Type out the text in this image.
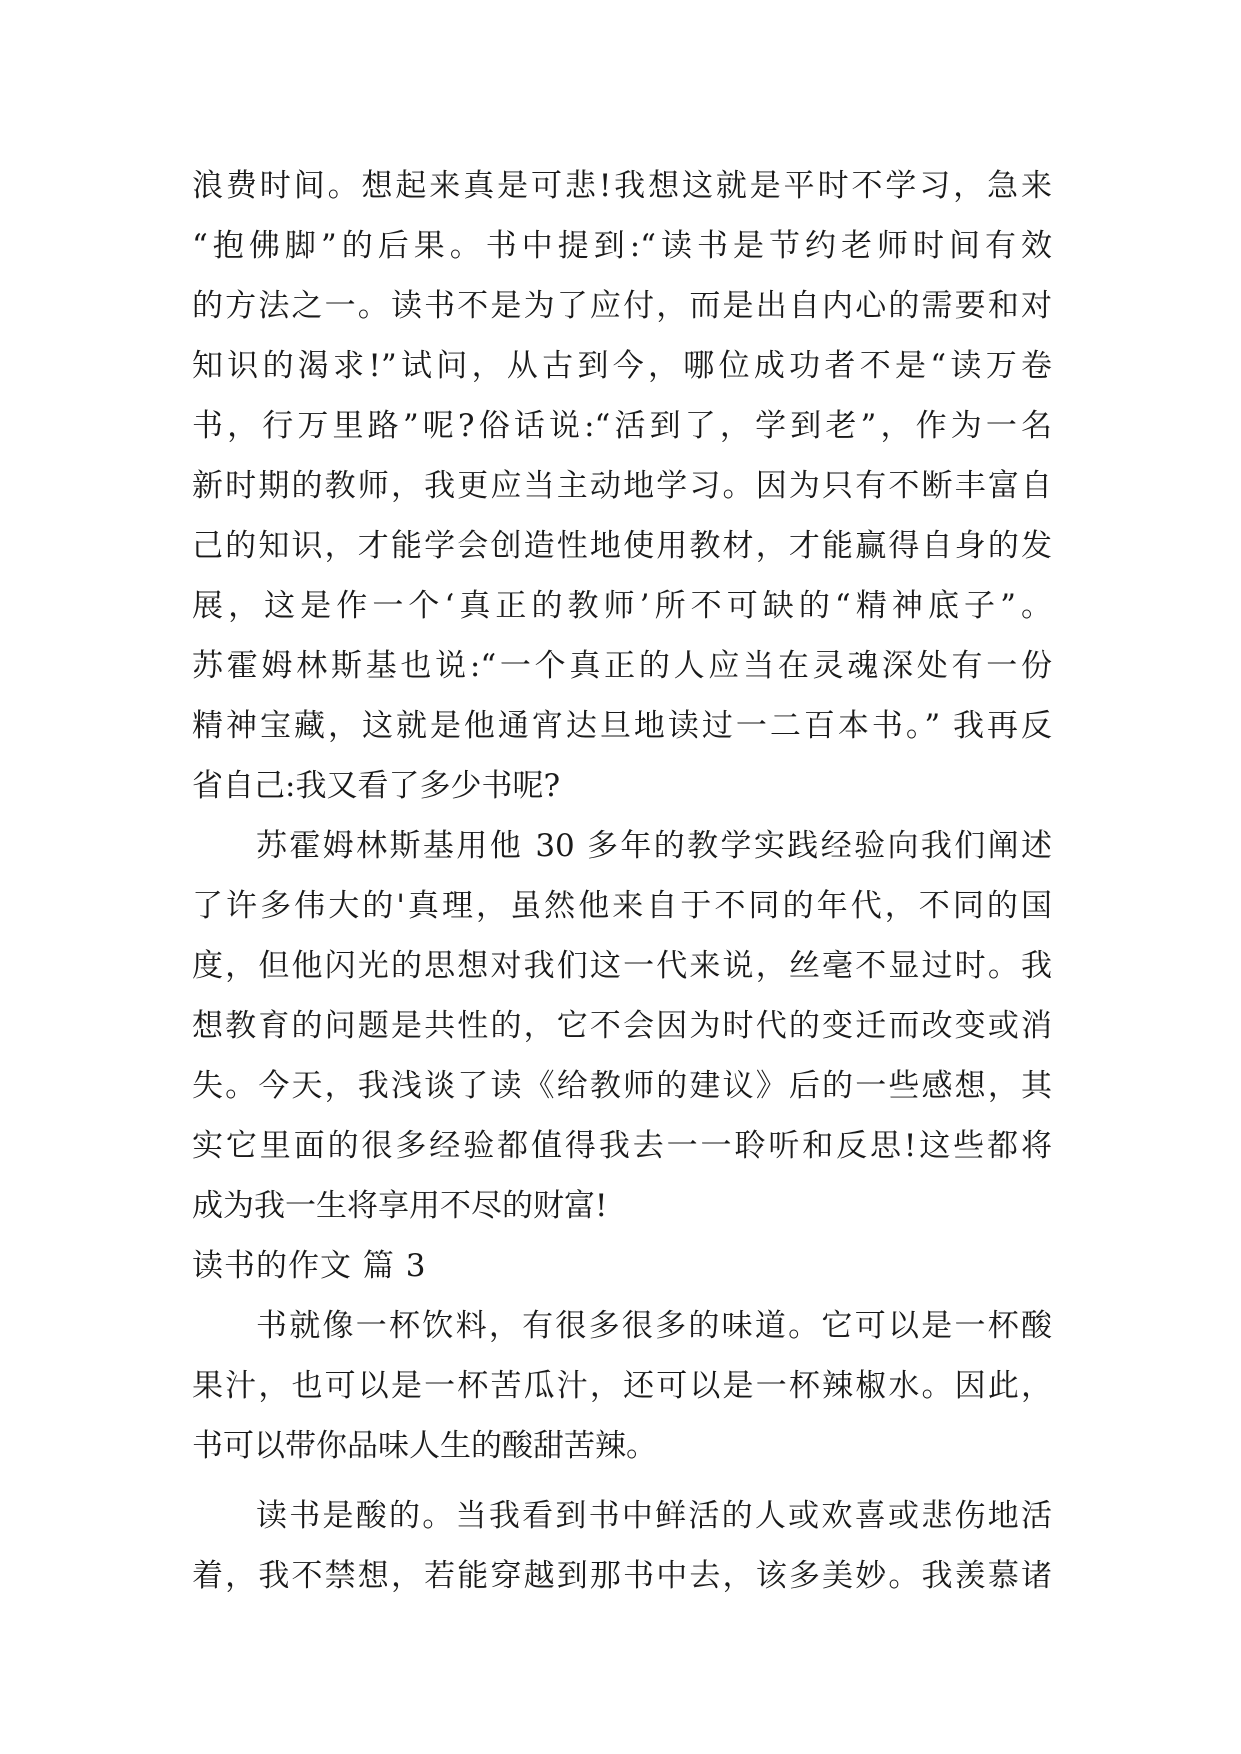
浪费时间。想起来真是可悲!我想这就是平时不学习，急来
“抱佛脚”的后果。书中提到:“读书是节约老师时间有效
的方法之一。读书不是为了应付，而是出自内心的需要和对
知识的渴求!”试问，从古到今，哪位成功者不是“读万卷
书，行万里路”呢?俗话说:“活到了，学到老”，作为一名
新时期的教师，我更应当主动地学习。因为只有不断丰富自
己的知识，才能学会创造性地使用教材，才能赢得自身的发
展，这是作一个‘真正的教师’所不可缺的“精神底子”。
苏霍姆林斯基也说:“一个真正的人应当在灵魂深处有一份
精神宝藏，这就是他通宵达旦地读过一二百本书。” 我再反
省自己:我又看了多少书呢?
苏霍姆林斯基用他 30 多年的教学实践经验向我们阐述
了许多伟大的'真理，虽然他来自于不同的年代，不同的国
度，但他闪光的思想对我们这一代来说，丝毫不显过时。我
想教育的问题是共性的，它不会因为时代的变迁而改变或消
失。今天，我浅谈了读《给教师的建议》后的一些感想，其
实它里面的很多经验都值得我去一一聆听和反思!这些都将
成为我一生将享用不尽的财富!
读书的作文 篇 3
书就像一杯饮料，有很多很多的味道。它可以是一杯酸
果汁，也可以是一杯苦瓜汁，还可以是一杯辣椒水。因此，
书可以带你品味人生的酸甜苦辣。
读书是酸的。当我看到书中鲜活的人或欢喜或悲伤地活
着，我不禁想，若能穿越到那书中去，该多美妙。我羡慕诸
